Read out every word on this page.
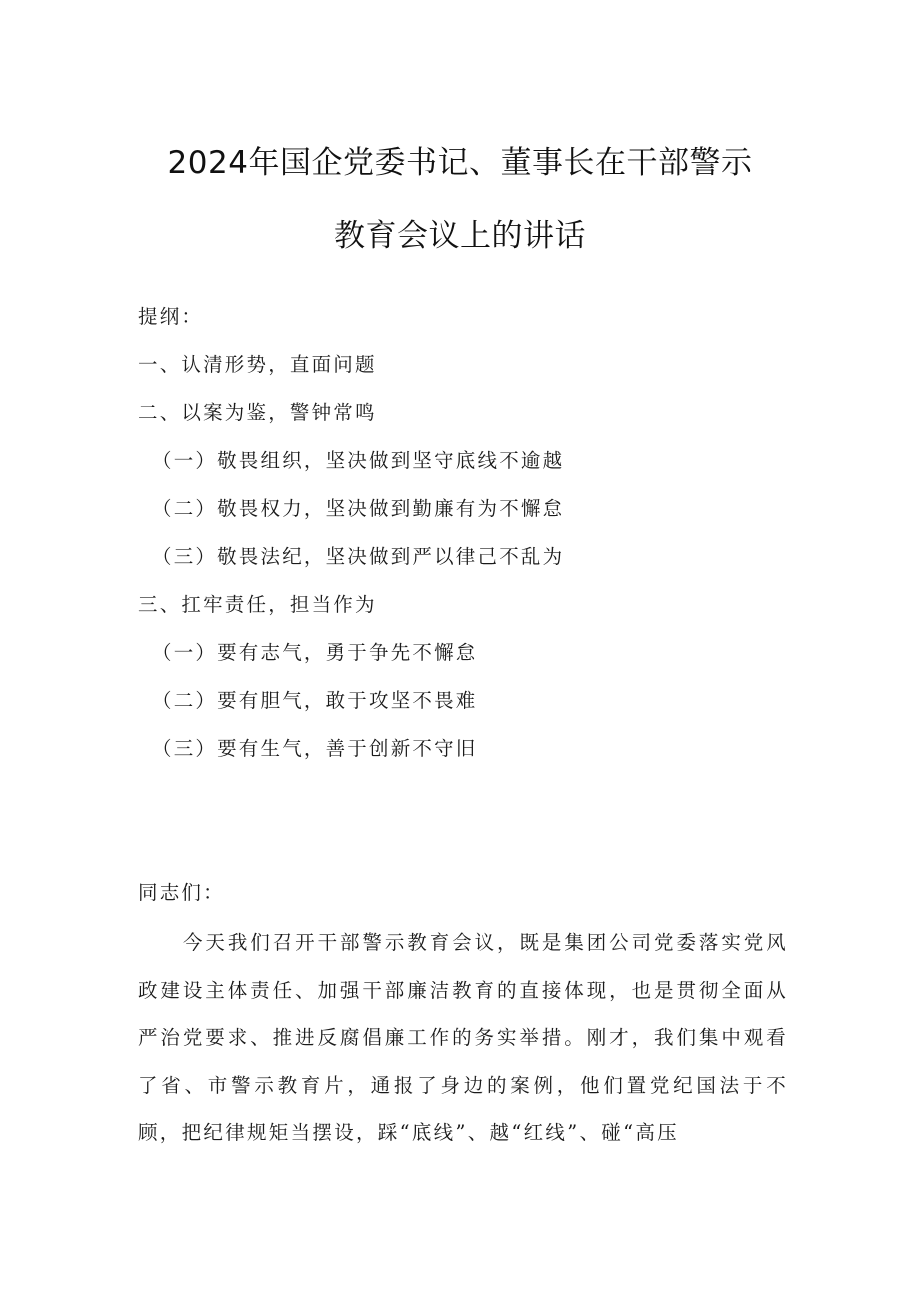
2024年国企党委书记、董事长在干部警示
教育会议上的讲话
提纲：
一、认清形势，直面问题
二、以案为鉴，警钟常鸣
（一）敬畏组织，坚决做到坚守底线不逾越
（二）敬畏权力，坚决做到勤廉有为不懈怠
（三）敬畏法纪，坚决做到严以律己不乱为
三、扛牢责任，担当作为
（一）要有志气，勇于争先不懈怠
（二）要有胆气，敢于攻坚不畏难
（三）要有生气，善于创新不守旧
同志们：

今天我们召开干部警示教育会议，既是集团公司党委落实党风政建设主体责任、加强干部廉洁教育的直接体现，也是贯彻全面从严治党要求、推进反腐倡廉工作的务实举措。刚才，我们集中观看了省、市警示教育片，通报了身边的案例，他们置党纪国法于不顾，把纪律规矩当摆设，踩“底线”、越“红线”、碰“高压
